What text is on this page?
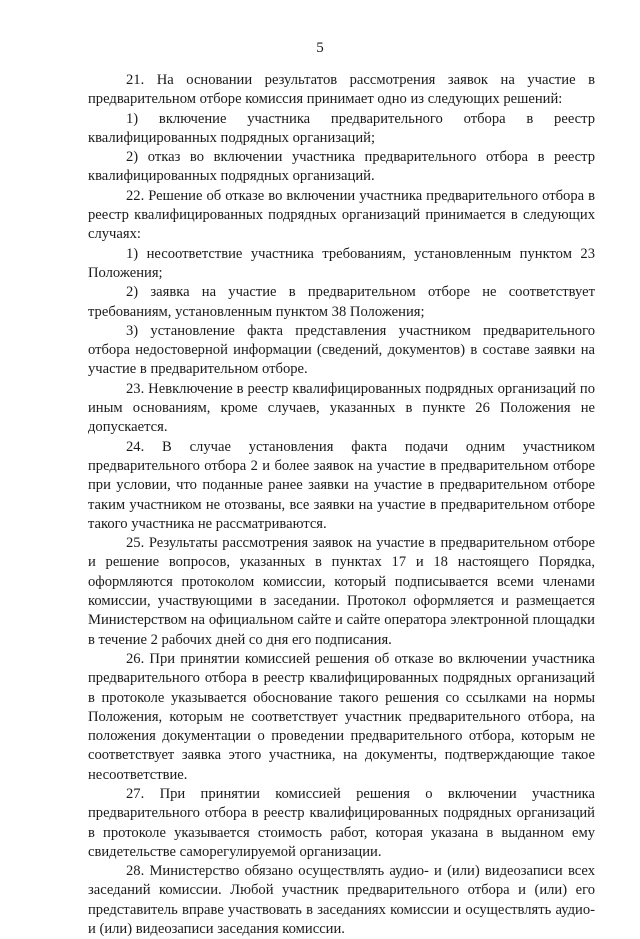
5

21. На основании результатов рассмотрения заявок на участие в предварительном отборе комиссия принимает одно из следующих решений:

1) включение участника предварительного отбора в реестр квалифицированных подрядных организаций;

2) отказ во включении участника предварительного отбора в реестр квалифицированных подрядных организаций.

22. Решение об отказе во включении участника предварительного отбора в реестр квалифицированных подрядных организаций принимается в следующих случаях:

1) несоответствие участника требованиям, установленным пунктом 23 Положения;

2) заявка на участие в предварительном отборе не соответствует требованиям, установленным пунктом 38 Положения;

3) установление факта представления участником предварительного отбора недостоверной информации (сведений, документов) в составе заявки на участие в предварительном отборе.

23. Невключение в реестр квалифицированных подрядных организаций по иным основаниям, кроме случаев, указанных в пункте 26 Положения не допускается.

24. В случае установления факта подачи одним участником предварительного отбора 2 и более заявок на участие в предварительном отборе при условии, что поданные ранее заявки на участие в предварительном отборе таким участником не отозваны, все заявки на участие в предварительном отборе такого участника не рассматриваются.

25. Результаты рассмотрения заявок на участие в предварительном отборе и решение вопросов, указанных в пунктах 17 и 18 настоящего Порядка, оформляются протоколом комиссии, который подписывается всеми членами комиссии, участвующими в заседании. Протокол оформляется и размещается Министерством на официальном сайте и сайте оператора электронной площадки в течение 2 рабочих дней со дня его подписания.

26. При принятии комиссией решения об отказе во включении участника предварительного отбора в реестр квалифицированных подрядных организаций в протоколе указывается обоснование такого решения со ссылками на нормы Положения, которым не соответствует участник предварительного отбора, на положения документации о проведении предварительного отбора, которым не соответствует заявка этого участника, на документы, подтверждающие такое несоответствие.

27. При принятии комиссией решения о включении участника предварительного отбора в реестр квалифицированных подрядных организаций в протоколе указывается стоимость работ, которая указана в выданном ему свидетельстве саморегулируемой организации.

28. Министерство обязано осуществлять аудио- и (или) видеозаписи всех заседаний комиссии. Любой участник предварительного отбора и (или) его представитель вправе участвовать в заседаниях комиссии и осуществлять аудио- и (или) видеозаписи заседания комиссии.
